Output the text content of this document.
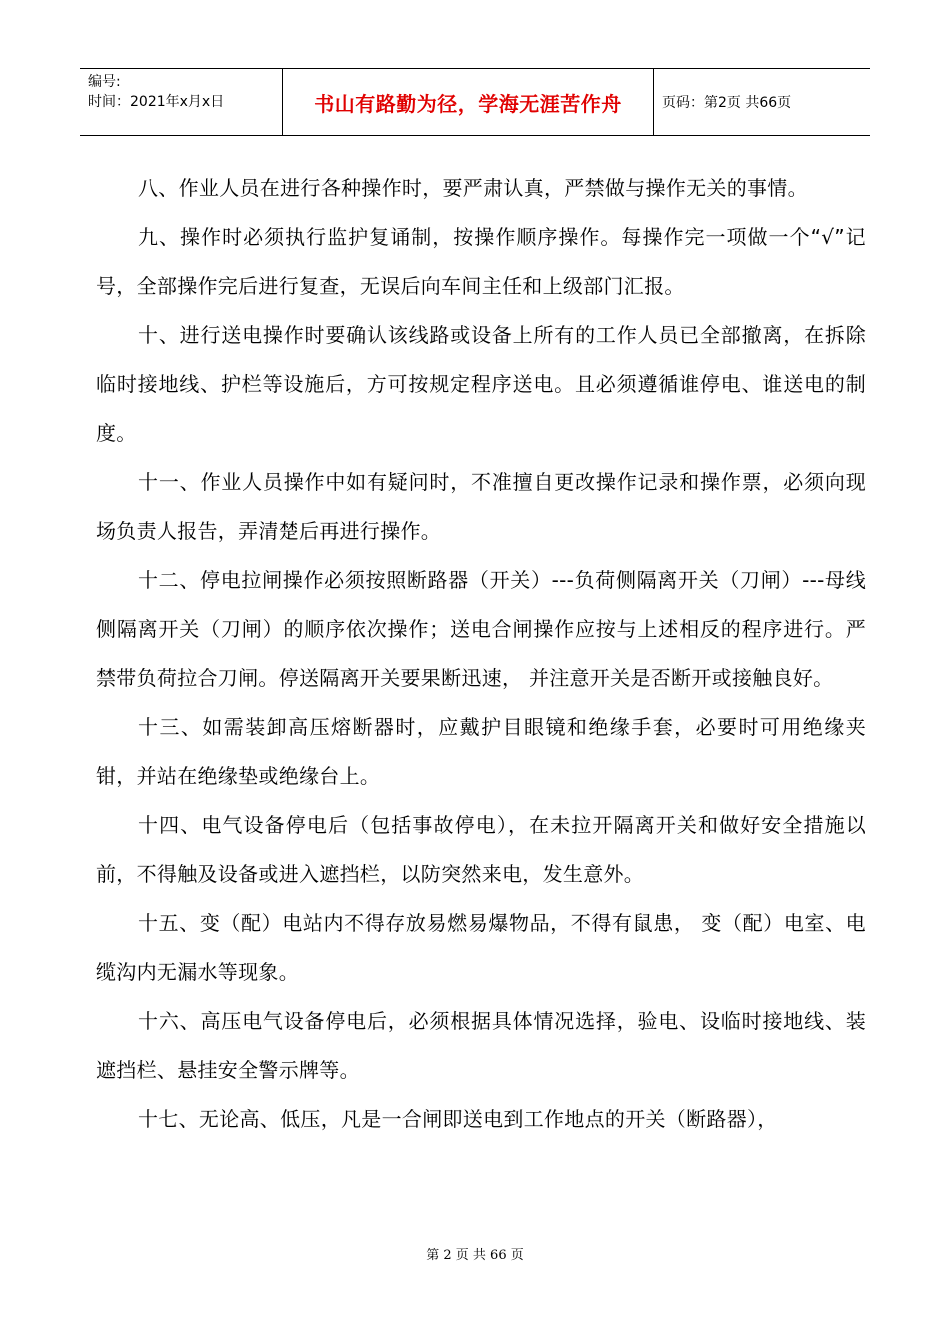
编号:
时间：2021年x月x日	书山有路勤为径，学海无涯苦作舟	页码：第2页 共66页

八、作业人员在进行各种操作时，要严肃认真，严禁做与操作无关的事情。

九、操作时必须执行监护复诵制，按操作顺序操作。每操作完一项做一个“√”记号，全部操作完后进行复查，无误后向车间主任和上级部门汇报。

十、进行送电操作时要确认该线路或设备上所有的工作人员已全部撤离，在拆除临时接地线、护栏等设施后，方可按规定程序送电。且必须遵循谁停电、谁送电的制度。

十一、作业人员操作中如有疑问时，不准擅自更改操作记录和操作票，必须向现场负责人报告，弄清楚后再进行操作。

十二、停电拉闸操作必须按照断路器（开关）---负荷侧隔离开关（刀闸）---母线侧隔离开关（刀闸）的顺序依次操作；送电合闸操作应按与上述相反的程序进行。严禁带负荷拉合刀闸。停送隔离开关要果断迅速， 并注意开关是否断开或接触良好。

十三、如需装卸高压熔断器时，应戴护目眼镜和绝缘手套，必要时可用绝缘夹钳，并站在绝缘垫或绝缘台上。

十四、电气设备停电后（包括事故停电），在未拉开隔离开关和做好安全措施以前，不得触及设备或进入遮挡栏，以防突然来电，发生意外。

十五、变（配）电站内不得存放易燃易爆物品，不得有鼠患， 变（配）电室、电缆沟内无漏水等现象。

十六、高压电气设备停电后，必须根据具体情况选择，验电、设临时接地线、装遮挡栏、悬挂安全警示牌等。

十七、无论高、低压，凡是一合闸即送电到工作地点的开关（断路器），

第 2 页 共 66 页
